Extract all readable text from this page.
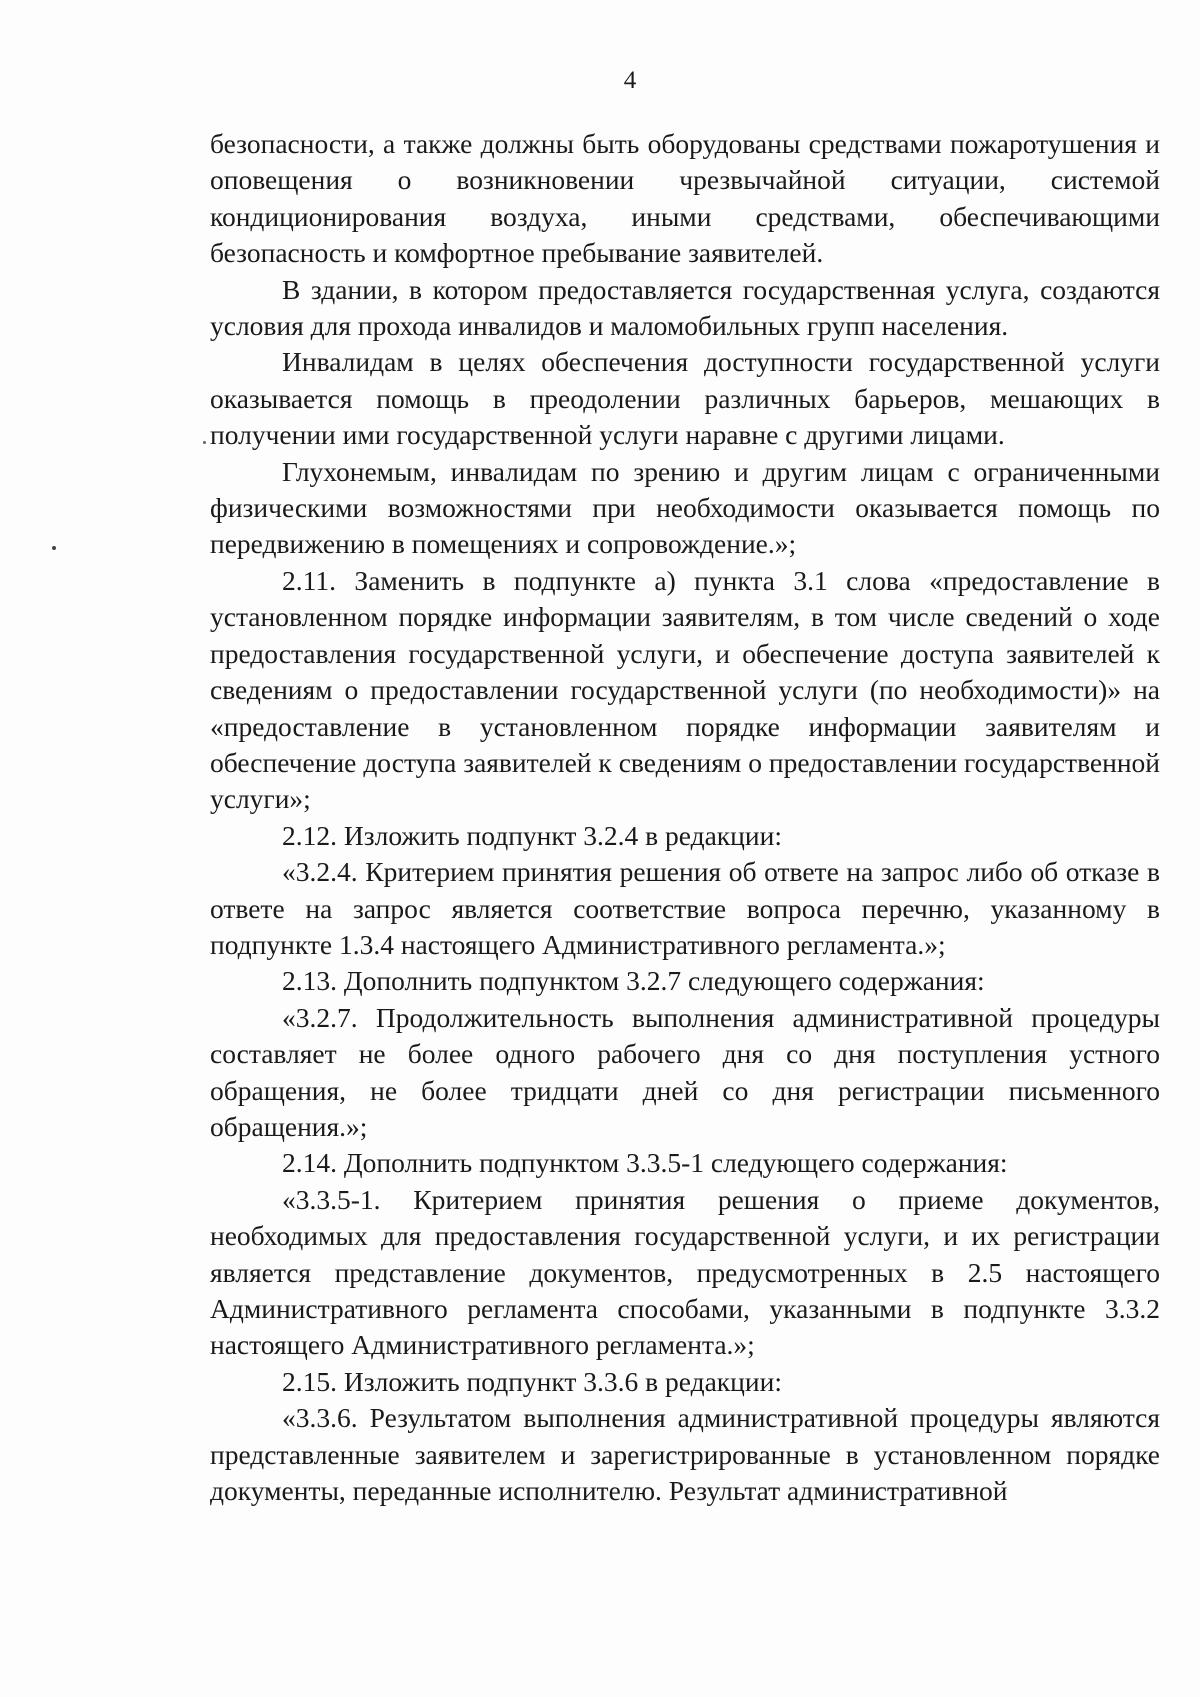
4

безопасности, а также должны быть оборудованы средствами пожаротушения и оповещения о возникновении чрезвычайной ситуации, системой кондиционирования воздуха, иными средствами, обеспечивающими безопасность и комфортное пребывание заявителей.

В здании, в котором предоставляется государственная услуга, создаются условия для прохода инвалидов и маломобильных групп населения.

Инвалидам в целях обеспечения доступности государственной услуги оказывается помощь в преодолении различных барьеров, мешающих в получении ими государственной услуги наравне с другими лицами.

Глухонемым, инвалидам по зрению и другим лицам с ограниченными физическими возможностями при необходимости оказывается помощь по передвижению в помещениях и сопровождение.»;

2.11. Заменить в подпункте а) пункта 3.1 слова «предоставление в установленном порядке информации заявителям, в том числе сведений о ходе предоставления государственной услуги, и обеспечение доступа заявителей к сведениям о предоставлении государственной услуги (по необходимости)» на «предоставление в установленном порядке информации заявителям и обеспечение доступа заявителей к сведениям о предоставлении государственной услуги»;

2.12. Изложить подпункт 3.2.4 в редакции:

«3.2.4. Критерием принятия решения об ответе на запрос либо об отказе в ответе на запрос является соответствие вопроса перечню, указанному в подпункте 1.3.4 настоящего Административного регламента.»;

2.13. Дополнить подпунктом 3.2.7 следующего содержания:

«3.2.7. Продолжительность выполнения административной процедуры составляет не более одного рабочего дня со дня поступления устного обращения, не более тридцати дней со дня регистрации письменного обращения.»;

2.14. Дополнить подпунктом 3.3.5-1 следующего содержания:

«3.3.5-1. Критерием принятия решения о приеме документов, необходимых для предоставления государственной услуги, и их регистрации является представление документов, предусмотренных в 2.5 настоящего Административного регламента способами, указанными в подпункте 3.3.2 настоящего Административного регламента.»;

2.15. Изложить подпункт 3.3.6 в редакции:

«3.3.6. Результатом выполнения административной процедуры являются представленные заявителем и зарегистрированные в установленном порядке документы, переданные исполнителю. Результат административной
